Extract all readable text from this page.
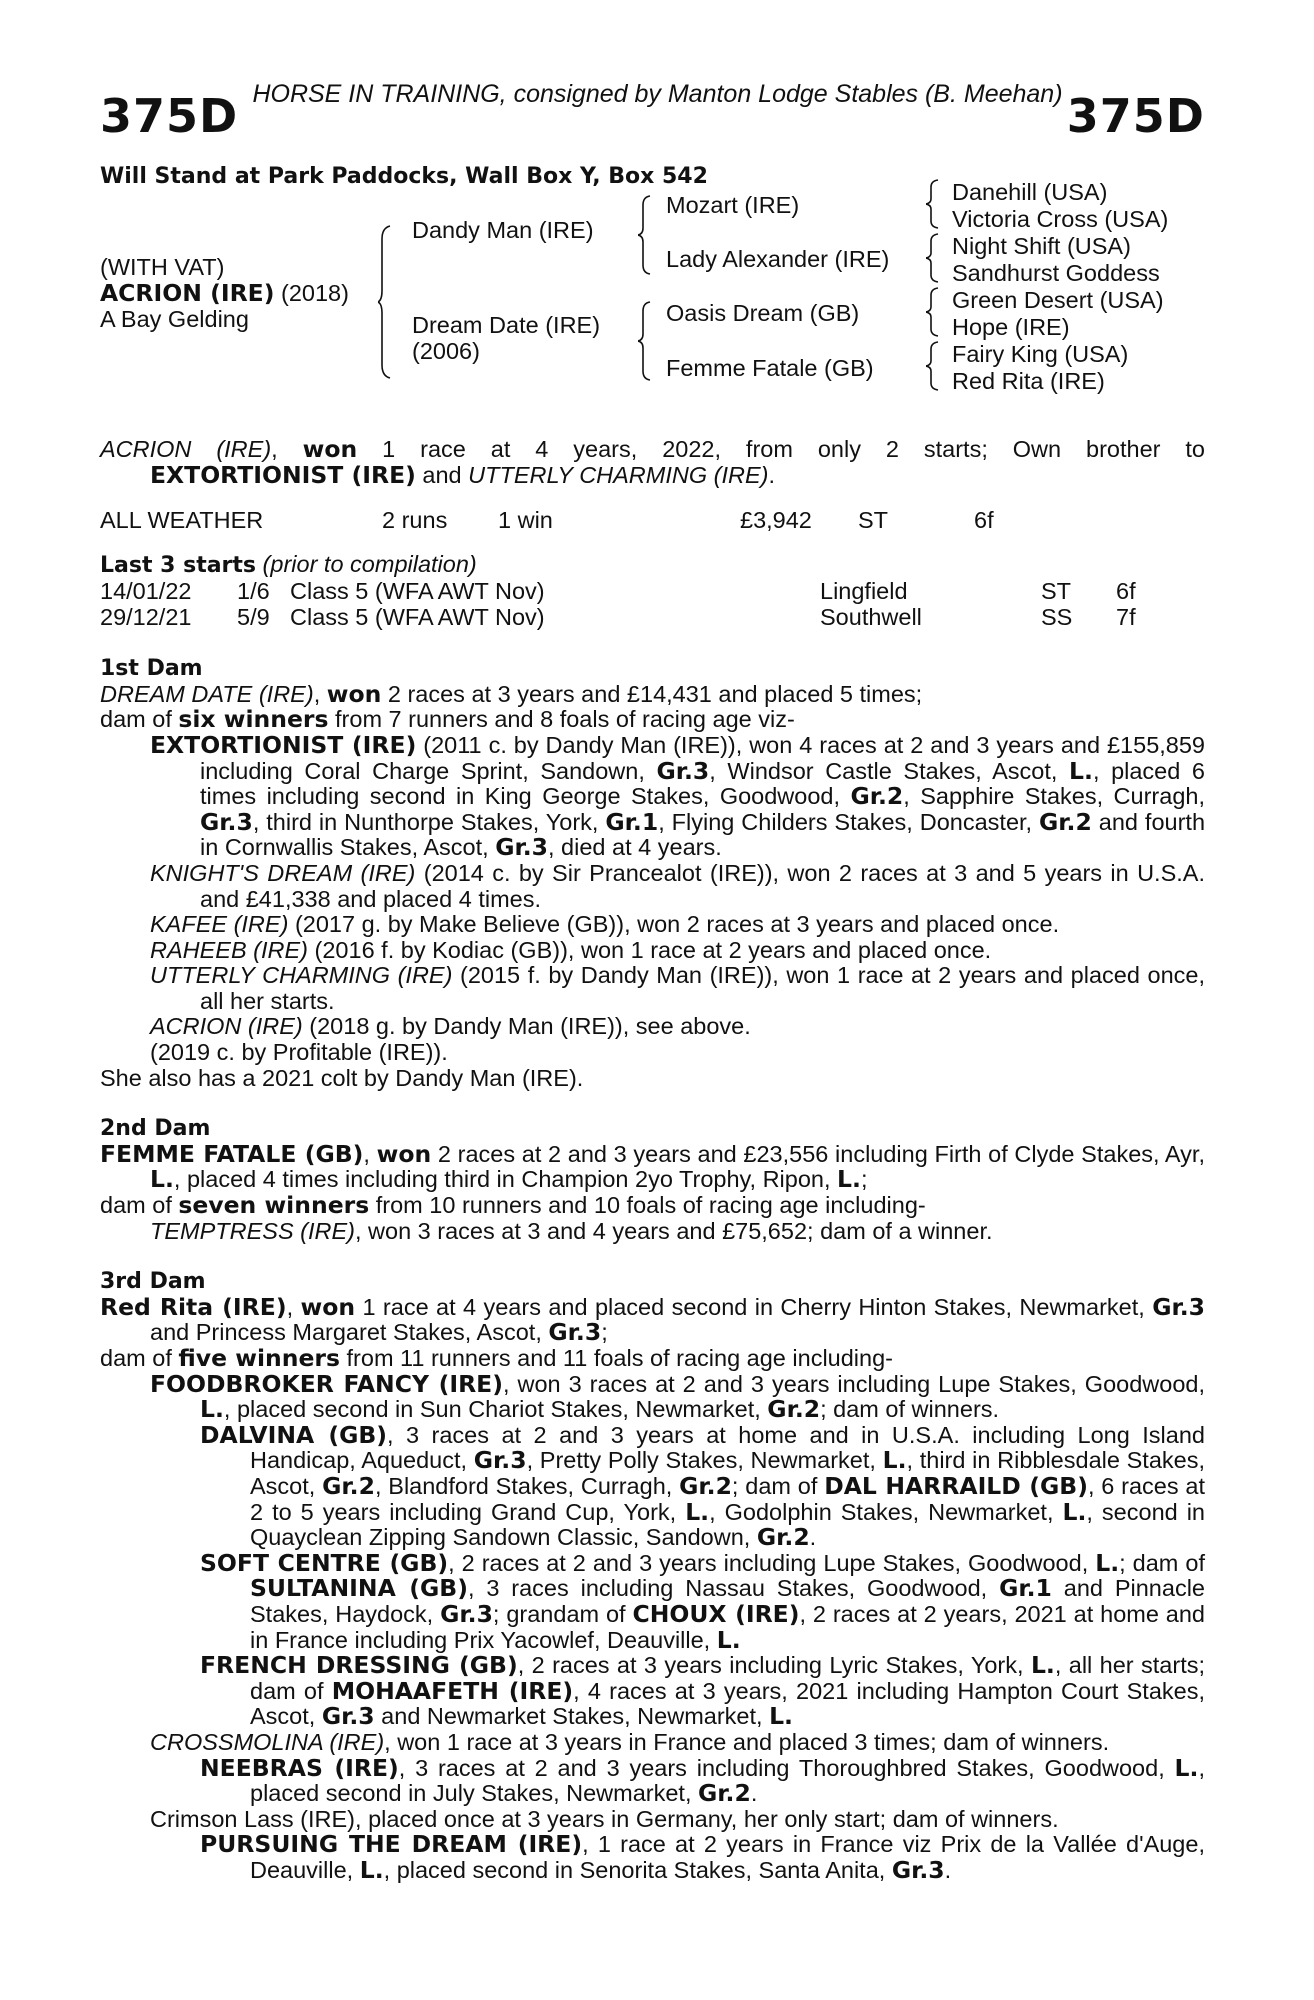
HORSE IN TRAINING, consigned by Manton Lodge Stables (B. Meehan)

375D	375D

Will Stand at Park Paddocks, Wall Box Y, Box 542

(WITH VAT)
ACRION (IRE) (2018)
A Bay Gelding
Dandy Man (IRE)
Dream Date (IRE)
(2006)
Mozart (IRE)
Lady Alexander (IRE)
Oasis Dream (GB)
Femme Fatale (GB)
Danehill (USA)
Victoria Cross (USA)
Night Shift (USA)
Sandhurst Goddess
Green Desert (USA)
Hope (IRE)
Fairy King (USA)
Red Rita (IRE)

ACRION (IRE), won 1 race at 4 years, 2022, from only 2 starts; Own brother to

EXTORTIONIST (IRE) and UTTERLY CHARMING (IRE).

ALL WEATHER	2 runs 1 win	£3,942 ST	6f

Last 3 starts (prior to compilation)

14/01/22 1/6 Class 5 (WFA AWT Nov)	Lingfield	ST 6f
29/12/21 5/9 Class 5 (WFA AWT Nov)	Southwell	SS 7f

1st Dam

DREAM DATE (IRE), won 2 races at 3 years and £14,431 and placed 5 times;

dam of six winners from 7 runners and 8 foals of racing age viz-

EXTORTIONIST (IRE) (2011 c. by Dandy Man (IRE)), won 4 races at 2 and 3 years and £155,859 including Coral Charge Sprint, Sandown, Gr.3, Windsor Castle Stakes, Ascot, L., placed 6 times including second in King George Stakes, Goodwood, Gr.2, Sapphire Stakes, Curragh, Gr.3, third in Nunthorpe Stakes, York, Gr.1, Flying Childers Stakes, Doncaster, Gr.2 and fourth in Cornwallis Stakes, Ascot, Gr.3, died at 4 years.

KNIGHT'S DREAM (IRE) (2014 c. by Sir Prancealot (IRE)), won 2 races at 3 and 5 years in U.S.A. and £41,338 and placed 4 times.

KAFEE (IRE) (2017 g. by Make Believe (GB)), won 2 races at 3 years and placed once.

RAHEEB (IRE) (2016 f. by Kodiac (GB)), won 1 race at 2 years and placed once.

UTTERLY CHARMING (IRE) (2015 f. by Dandy Man (IRE)), won 1 race at 2 years and placed once, all her starts.

ACRION (IRE) (2018 g. by Dandy Man (IRE)), see above.

(2019 c. by Profitable (IRE)).

She also has a 2021 colt by Dandy Man (IRE).

2nd Dam

FEMME FATALE (GB), won 2 races at 2 and 3 years and £23,556 including Firth of Clyde Stakes, Ayr, L., placed 4 times including third in Champion 2yo Trophy, Ripon, L.;

dam of seven winners from 10 runners and 10 foals of racing age including-

TEMPTRESS (IRE), won 3 races at 3 and 4 years and £75,652; dam of a winner.

3rd Dam

Red Rita (IRE), won 1 race at 4 years and placed second in Cherry Hinton Stakes, Newmarket, Gr.3 and Princess Margaret Stakes, Ascot, Gr.3;

dam of five winners from 11 runners and 11 foals of racing age including-

FOODBROKER FANCY (IRE), won 3 races at 2 and 3 years including Lupe Stakes, Goodwood, L., placed second in Sun Chariot Stakes, Newmarket, Gr.2; dam of winners.

DALVINA (GB), 3 races at 2 and 3 years at home and in U.S.A. including Long Island Handicap, Aqueduct, Gr.3, Pretty Polly Stakes, Newmarket, L., third in Ribblesdale Stakes, Ascot, Gr.2, Blandford Stakes, Curragh, Gr.2; dam of DAL HARRAILD (GB), 6 races at 2 to 5 years including Grand Cup, York, L., Godolphin Stakes, Newmarket, L., second in Quayclean Zipping Sandown Classic, Sandown, Gr.2.

SOFT CENTRE (GB), 2 races at 2 and 3 years including Lupe Stakes, Goodwood, L.; dam of SULTANINA (GB), 3 races including Nassau Stakes, Goodwood, Gr.1 and Pinnacle Stakes, Haydock, Gr.3; grandam of CHOUX (IRE), 2 races at 2 years, 2021 at home and in France including Prix Yacowlef, Deauville, L.

FRENCH DRESSING (GB), 2 races at 3 years including Lyric Stakes, York, L., all her starts; dam of MOHAAFETH (IRE), 4 races at 3 years, 2021 including Hampton Court Stakes, Ascot, Gr.3 and Newmarket Stakes, Newmarket, L.

CROSSMOLINA (IRE), won 1 race at 3 years in France and placed 3 times; dam of winners.

NEEBRAS (IRE), 3 races at 2 and 3 years including Thoroughbred Stakes, Goodwood, L., placed second in July Stakes, Newmarket, Gr.2.

Crimson Lass (IRE), placed once at 3 years in Germany, her only start; dam of winners.

PURSUING THE DREAM (IRE), 1 race at 2 years in France viz Prix de la Vallée d'Auge, Deauville, L., placed second in Senorita Stakes, Santa Anita, Gr.3.
